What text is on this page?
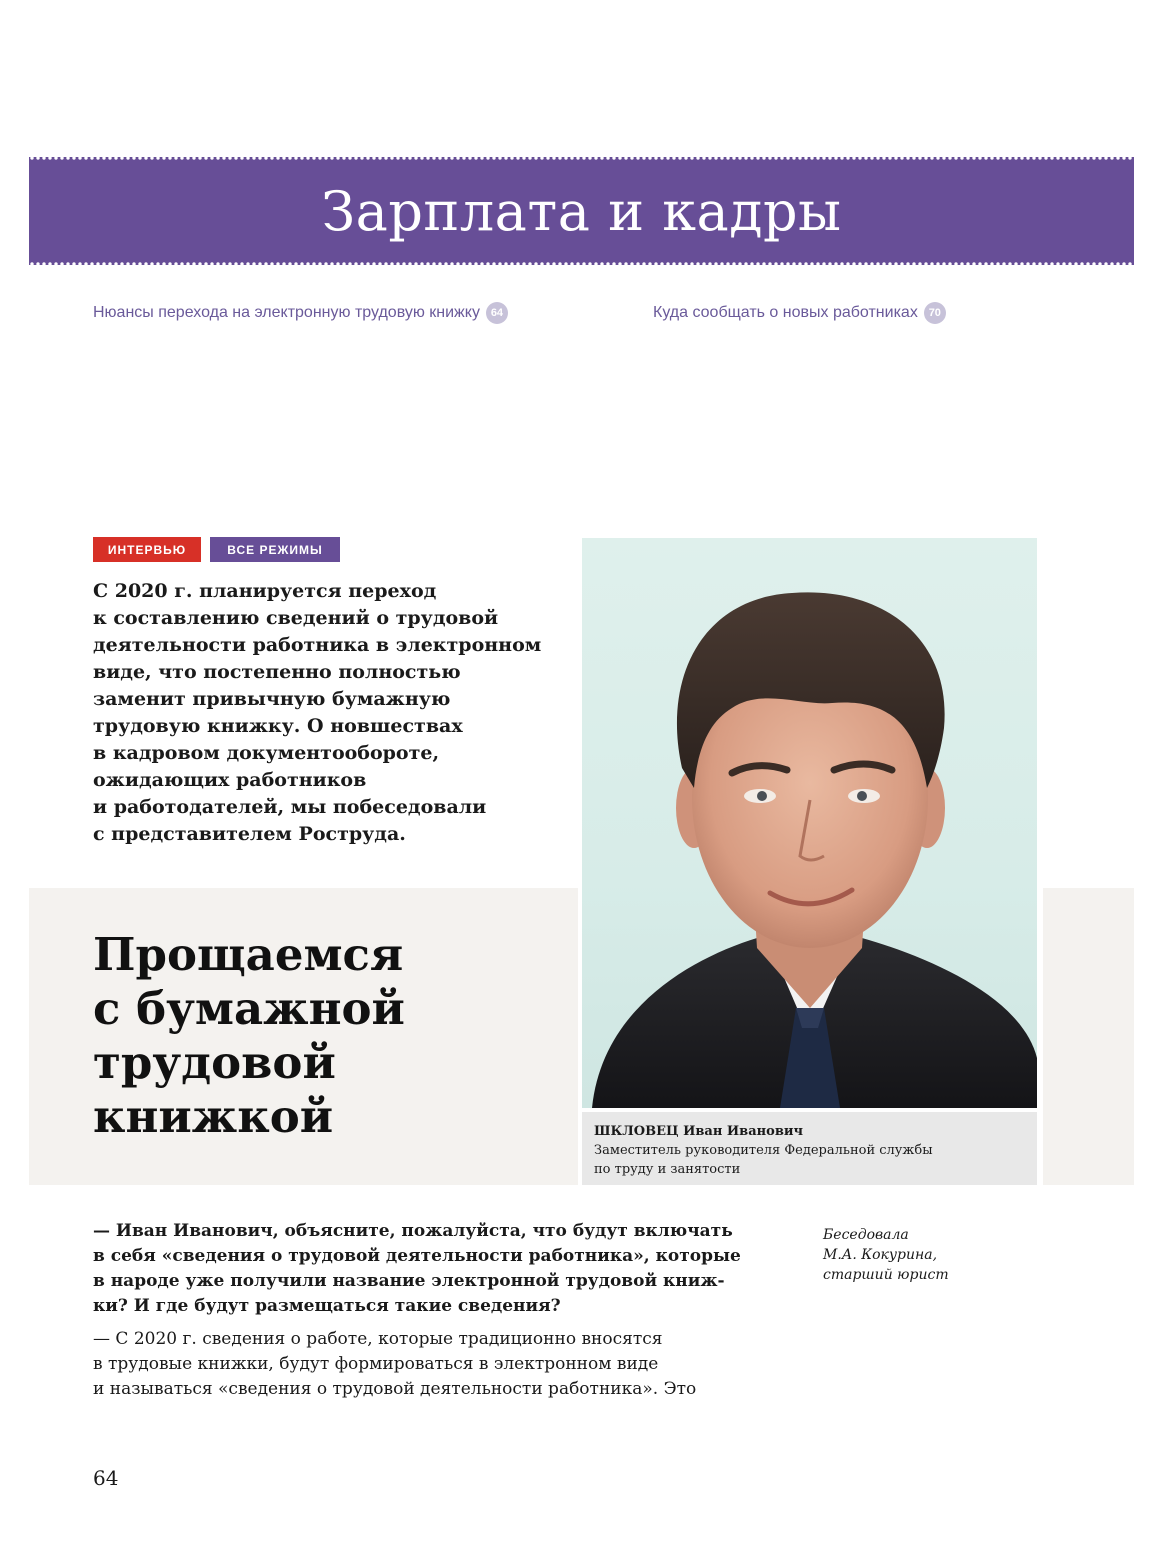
Зарплата и кадры
Нюансы перехода на электронную трудовую книжку 64	Куда сообщать о новых работниках 70
ИНТЕРВЬЮ	ВСЕ РЕЖИМЫ

С 2020 г. планируется переход
к составлению сведений о трудовой
деятельности работника в электронном
виде, что постепенно полностью
заменит привычную бумажную
трудовую книжку. О новшествах
в кадровом документообороте,
ожидающих работников
и работодателей, мы побеседовали
с представителем Роструда.

Прощаемся
с бумажной
трудовой
книжкой	ШКЛОВЕЦ Иван Иванович
Заместитель руководителя Федеральной службы
по труду и занятости

— Иван Иванович, объясните, пожалуйста, что будут включать
в себя «сведения о трудовой деятельности работника», которые
в народе уже получили название электронной трудовой книж-
ки? И где будут размещаться такие сведения?

— С 2020 г. сведения о работе, которые традиционно вносятся
в трудовые книжки, будут формироваться в электронном виде
и называться «сведения о трудовой деятельности работника». Это

Беседовала
М.А. Кокурина,
старший юрист
64
